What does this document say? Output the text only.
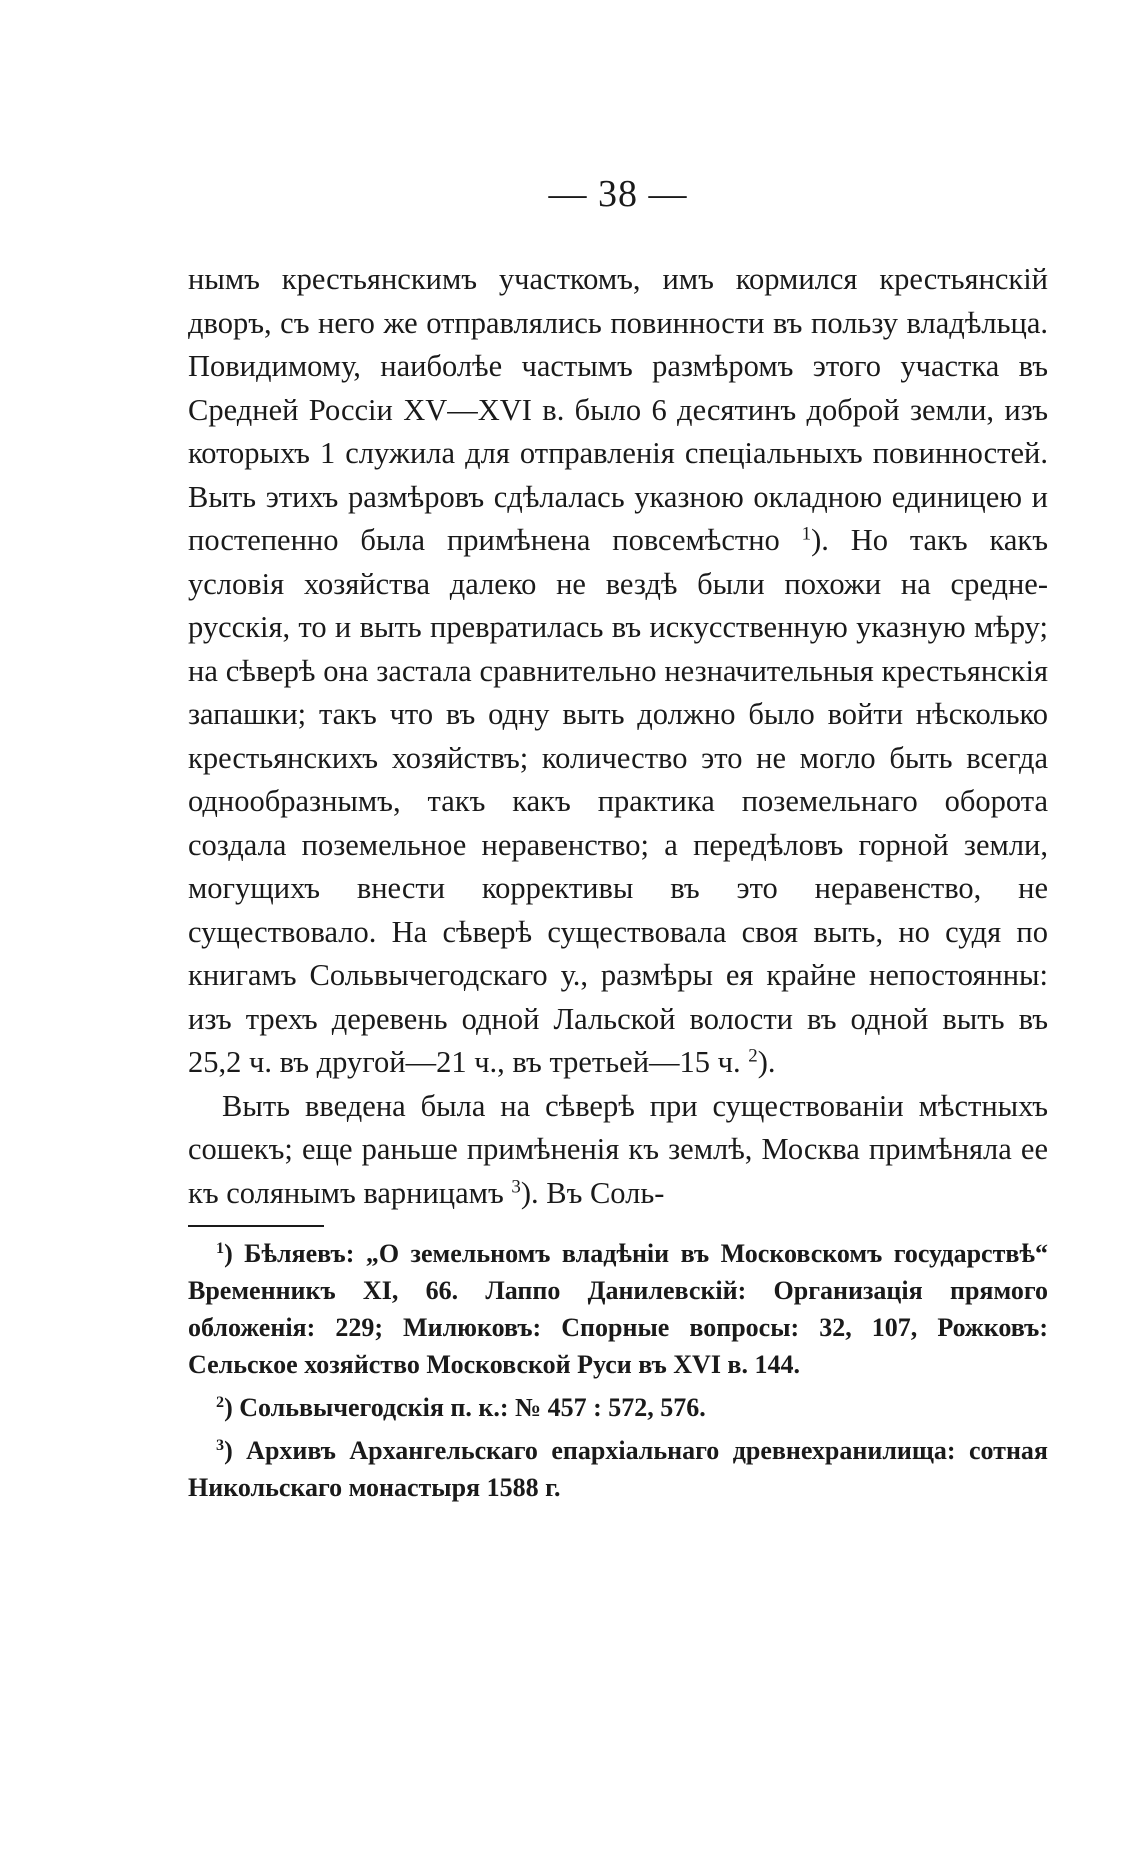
— 38 —

нымъ крестьянскимъ участкомъ, имъ кормился крестьянскій дворъ, съ него же отправлялись повинности въ пользу владѣльца. Повидимому, наиболѣе частымъ размѣромъ этого участка въ Средней Россіи XV—XVI в. было 6 десятинъ доброй земли, изъ которыхъ 1 служила для отправленія спеціальныхъ повинностей. Выть этихъ размѣровъ сдѣлалась указною окладною единицею и постепенно была примѣнена повсемѣстно $^1$). Но такъ какъ условія хозяйства далеко не вездѣ были похожи на средне-русскія, то и выть превратилась въ искусственную указную мѣру; на сѣверѣ она застала сравнительно незначительныя крестьянскія запашки; такъ что въ одну выть должно было войти нѣсколько крестьянскихъ хозяйствъ; количество это не могло быть всегда однообразнымъ, такъ какъ практика поземельнаго оборота создала поземельное неравенство; а передѣловъ горной земли, могущихъ внести коррективы въ это неравенство, не существовало. На сѣверѣ существовала своя выть, но судя по книгамъ Сольвычегодскаго у., размѣры ея крайне непостоянны: изъ трехъ деревень одной Лальской волости въ одной выть въ 25,2 ч. въ другой—21 ч., въ третьей—15 ч. $^2$).

Выть введена была на сѣверѣ при существованіи мѣстныхъ сошекъ; еще раньше примѣненія къ землѣ, Москва примѣняла ее къ солянымъ варницамъ $^3$). Въ Соль-

$^1$) Бѣляевъ: „О земельномъ владѣніи въ Московскомъ государствѣ“ Временникъ XI, 66. Лаппо Данилевскій: Организація прямого обложенія: 229; Милюковъ: Спорные вопросы: 32, 107, Рожковъ: Сельское хозяйство Московской Руси въ XVI в. 144.

$^2$) Сольвычегодскія п. к.: № 457 : 572, 576.

$^3$) Архивъ Архангельскаго епархіальнаго древнехранилища: сотная Никольскаго монастыря 1588 г.
